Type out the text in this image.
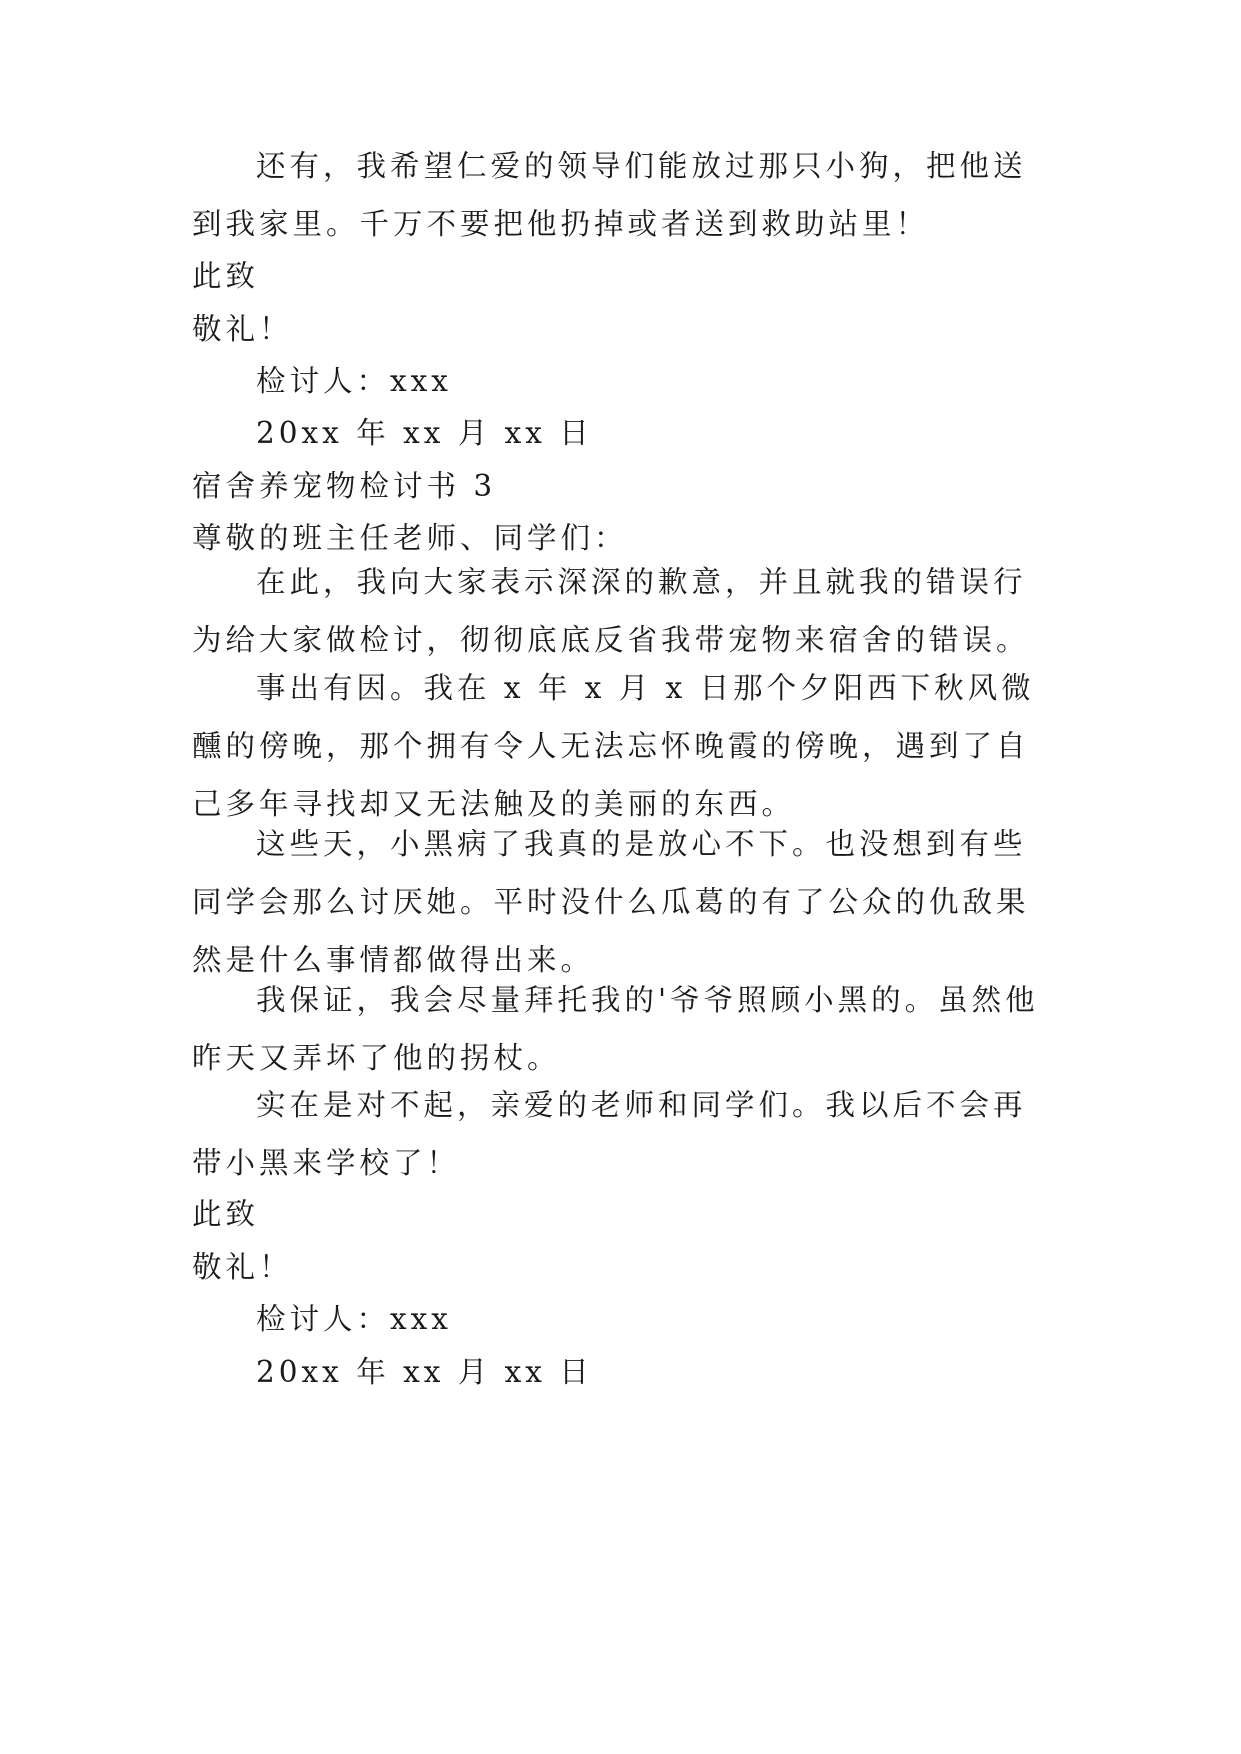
还有，我希望仁爱的领导们能放过那只小狗，把他送到我家里。千万不要把他扔掉或者送到救助站里！
此致
敬礼！
检讨人：xxx
20xx 年 xx 月 xx 日
宿舍养宠物检讨书 3
尊敬的班主任老师、同学们：
在此，我向大家表示深深的歉意，并且就我的错误行为给大家做检讨，彻彻底底反省我带宠物来宿舍的错误。
事出有因。我在 x 年 x 月 x 日那个夕阳西下秋风微醺的傍晚，那个拥有令人无法忘怀晚霞的傍晚，遇到了自己多年寻找却又无法触及的美丽的东西。
这些天，小黑病了我真的是放心不下。也没想到有些同学会那么讨厌她。平时没什么瓜葛的有了公众的仇敌果然是什么事情都做得出来。
我保证，我会尽量拜托我的'爷爷照顾小黑的。虽然他昨天又弄坏了他的拐杖。
实在是对不起，亲爱的老师和同学们。我以后不会再带小黑来学校了！
此致
敬礼！
检讨人：xxx
20xx 年 xx 月 xx 日
